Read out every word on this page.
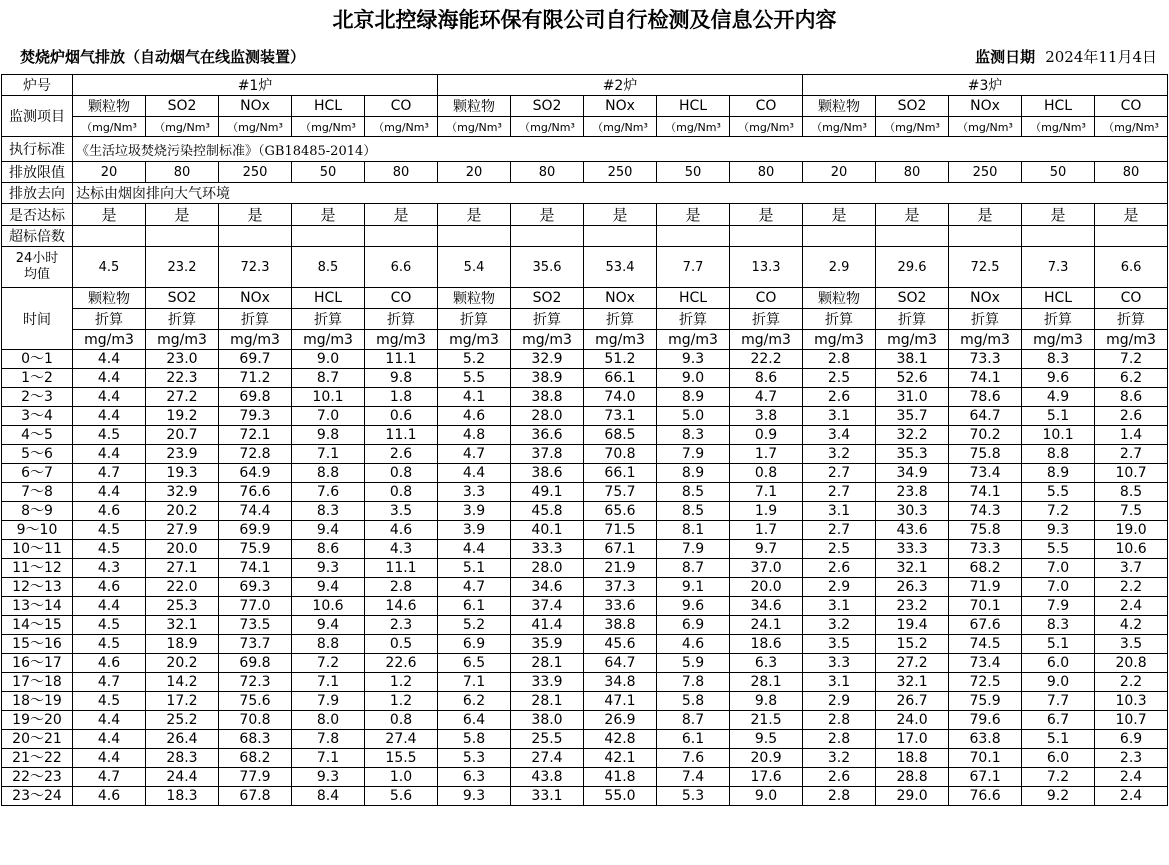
北京北控绿海能环保有限公司自行检测及信息公开内容
焚烧炉烟气排放（自动烟气在线监测装置）	监测日期 2024年11月4日
炉号	#1炉					#2炉					#3炉				
监测项目	颗粒物	SO2	NOx	HCL	CO	颗粒物	SO2	NOx	HCL	CO	颗粒物	SO2	NOx	HCL	CO
	（mg/Nm³	（mg/Nm³	（mg/Nm³	（mg/Nm³	（mg/Nm³	（mg/Nm³	（mg/Nm³	（mg/Nm³	（mg/Nm³	（mg/Nm³	（mg/Nm³	（mg/Nm³	（mg/Nm³	（mg/Nm³	（mg/Nm³
执行标准	《生活垃圾焚烧污染控制标准》（GB18485-2014）														
排放限值	20	80	250	50	80	20	80	250	50	80	20	80	250	50	80
排放去向	达标由烟囱排向大气环境														
是否达标	是	是	是	是	是	是	是	是	是	是	是	是	是	是	是
超标倍数															

24小时
均值	4.5	23.2	72.3	8.5	6.6	5.4	35.6	53.4	7.7	13.3	2.9	29.6	72.5	7.3	6.6
时间	颗粒物	SO2	NOx	HCL	CO	颗粒物	SO2	NOx	HCL	CO	颗粒物	SO2	NOx	HCL	CO
	折算	折算	折算	折算	折算	折算	折算	折算	折算	折算	折算	折算	折算	折算	折算
	mg/m3	mg/m3	mg/m3	mg/m3	mg/m3	mg/m3	mg/m3	mg/m3	mg/m3	mg/m3	mg/m3	mg/m3	mg/m3	mg/m3	mg/m3
0～1	4.4	23.0	69.7	9.0	11.1	5.2	32.9	51.2	9.3	22.2	2.8	38.1	73.3	8.3	7.2
1～2	4.4	22.3	71.2	8.7	9.8	5.5	38.9	66.1	9.0	8.6	2.5	52.6	74.1	9.6	6.2
2～3	4.4	27.2	69.8	10.1	1.8	4.1	38.8	74.0	8.9	4.7	2.6	31.0	78.6	4.9	8.6
3～4	4.4	19.2	79.3	7.0	0.6	4.6	28.0	73.1	5.0	3.8	3.1	35.7	64.7	5.1	2.6
4～5	4.5	20.7	72.1	9.8	11.1	4.8	36.6	68.5	8.3	0.9	3.4	32.2	70.2	10.1	1.4
5～6	4.4	23.9	72.8	7.1	2.6	4.7	37.8	70.8	7.9	1.7	3.2	35.3	75.8	8.8	2.7
6～7	4.7	19.3	64.9	8.8	0.8	4.4	38.6	66.1	8.9	0.8	2.7	34.9	73.4	8.9	10.7
7～8	4.4	32.9	76.6	7.6	0.8	3.3	49.1	75.7	8.5	7.1	2.7	23.8	74.1	5.5	8.5
8～9	4.6	20.2	74.4	8.3	3.5	3.9	45.8	65.6	8.5	1.9	3.1	30.3	74.3	7.2	7.5
9～10	4.5	27.9	69.9	9.4	4.6	3.9	40.1	71.5	8.1	1.7	2.7	43.6	75.8	9.3	19.0
10～11	4.5	20.0	75.9	8.6	4.3	4.4	33.3	67.1	7.9	9.7	2.5	33.3	73.3	5.5	10.6
11～12	4.3	27.1	74.1	9.3	11.1	5.1	28.0	21.9	8.7	37.0	2.6	32.1	68.2	7.0	3.7
12～13	4.6	22.0	69.3	9.4	2.8	4.7	34.6	37.3	9.1	20.0	2.9	26.3	71.9	7.0	2.2
13～14	4.4	25.3	77.0	10.6	14.6	6.1	37.4	33.6	9.6	34.6	3.1	23.2	70.1	7.9	2.4
14～15	4.5	32.1	73.5	9.4	2.3	5.2	41.4	38.8	6.9	24.1	3.2	19.4	67.6	8.3	4.2
15～16	4.5	18.9	73.7	8.8	0.5	6.9	35.9	45.6	4.6	18.6	3.5	15.2	74.5	5.1	3.5
16～17	4.6	20.2	69.8	7.2	22.6	6.5	28.1	64.7	5.9	6.3	3.3	27.2	73.4	6.0	20.8
17～18	4.7	14.2	72.3	7.1	1.2	7.1	33.9	34.8	7.8	28.1	3.1	32.1	72.5	9.0	2.2
18～19	4.5	17.2	75.6	7.9	1.2	6.2	28.1	47.1	5.8	9.8	2.9	26.7	75.9	7.7	10.3
19～20	4.4	25.2	70.8	8.0	0.8	6.4	38.0	26.9	8.7	21.5	2.8	24.0	79.6	6.7	10.7
20～21	4.4	26.4	68.3	7.8	27.4	5.8	25.5	42.8	6.1	9.5	2.8	17.0	63.8	5.1	6.9
21～22	4.4	28.3	68.2	7.1	15.5	5.3	27.4	42.1	7.6	20.9	3.2	18.8	70.1	6.0	2.3
22～23	4.7	24.4	77.9	9.3	1.0	6.3	43.8	41.8	7.4	17.6	2.6	28.8	67.1	7.2	2.4
23～24	4.6	18.3	67.8	8.4	5.6	9.3	33.1	55.0	5.3	9.0	2.8	29.0	76.6	9.2	2.4
